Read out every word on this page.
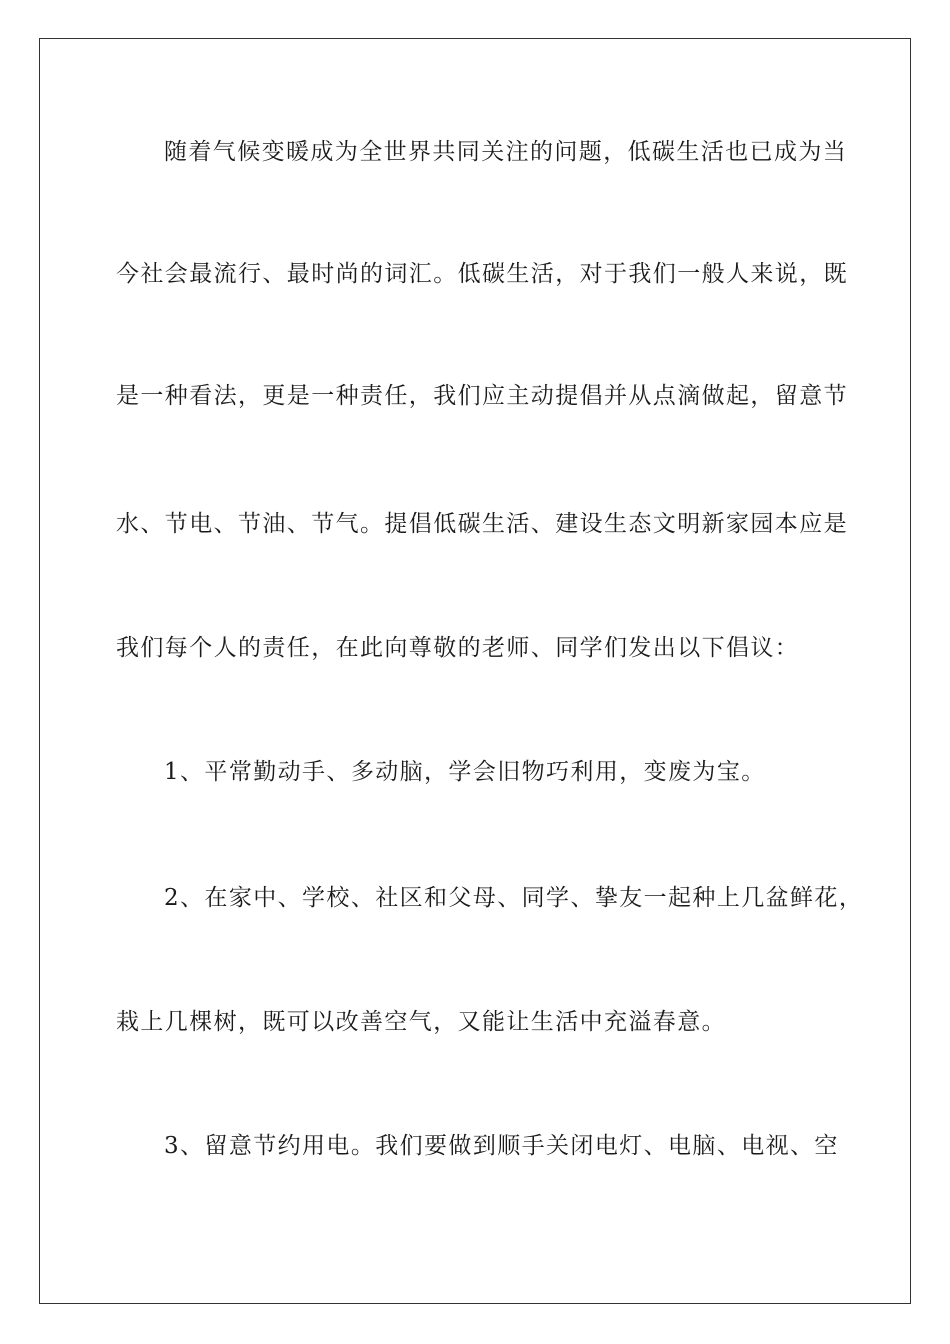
随着气候变暖成为全世界共同关注的问题，低碳生活也已成为当
今社会最流行、最时尚的词汇。低碳生活，对于我们一般人来说，既
是一种看法，更是一种责任，我们应主动提倡并从点滴做起，留意节
水、节电、节油、节气。提倡低碳生活、建设生态文明新家园本应是
我们每个人的责任，在此向尊敬的老师、同学们发出以下倡议：
1、平常勤动手、多动脑，学会旧物巧利用，变废为宝。
2、在家中、学校、社区和父母、同学、挚友一起种上几盆鲜花，
栽上几棵树，既可以改善空气，又能让生活中充溢春意。
3、留意节约用电。我们要做到顺手关闭电灯、电脑、电视、空
